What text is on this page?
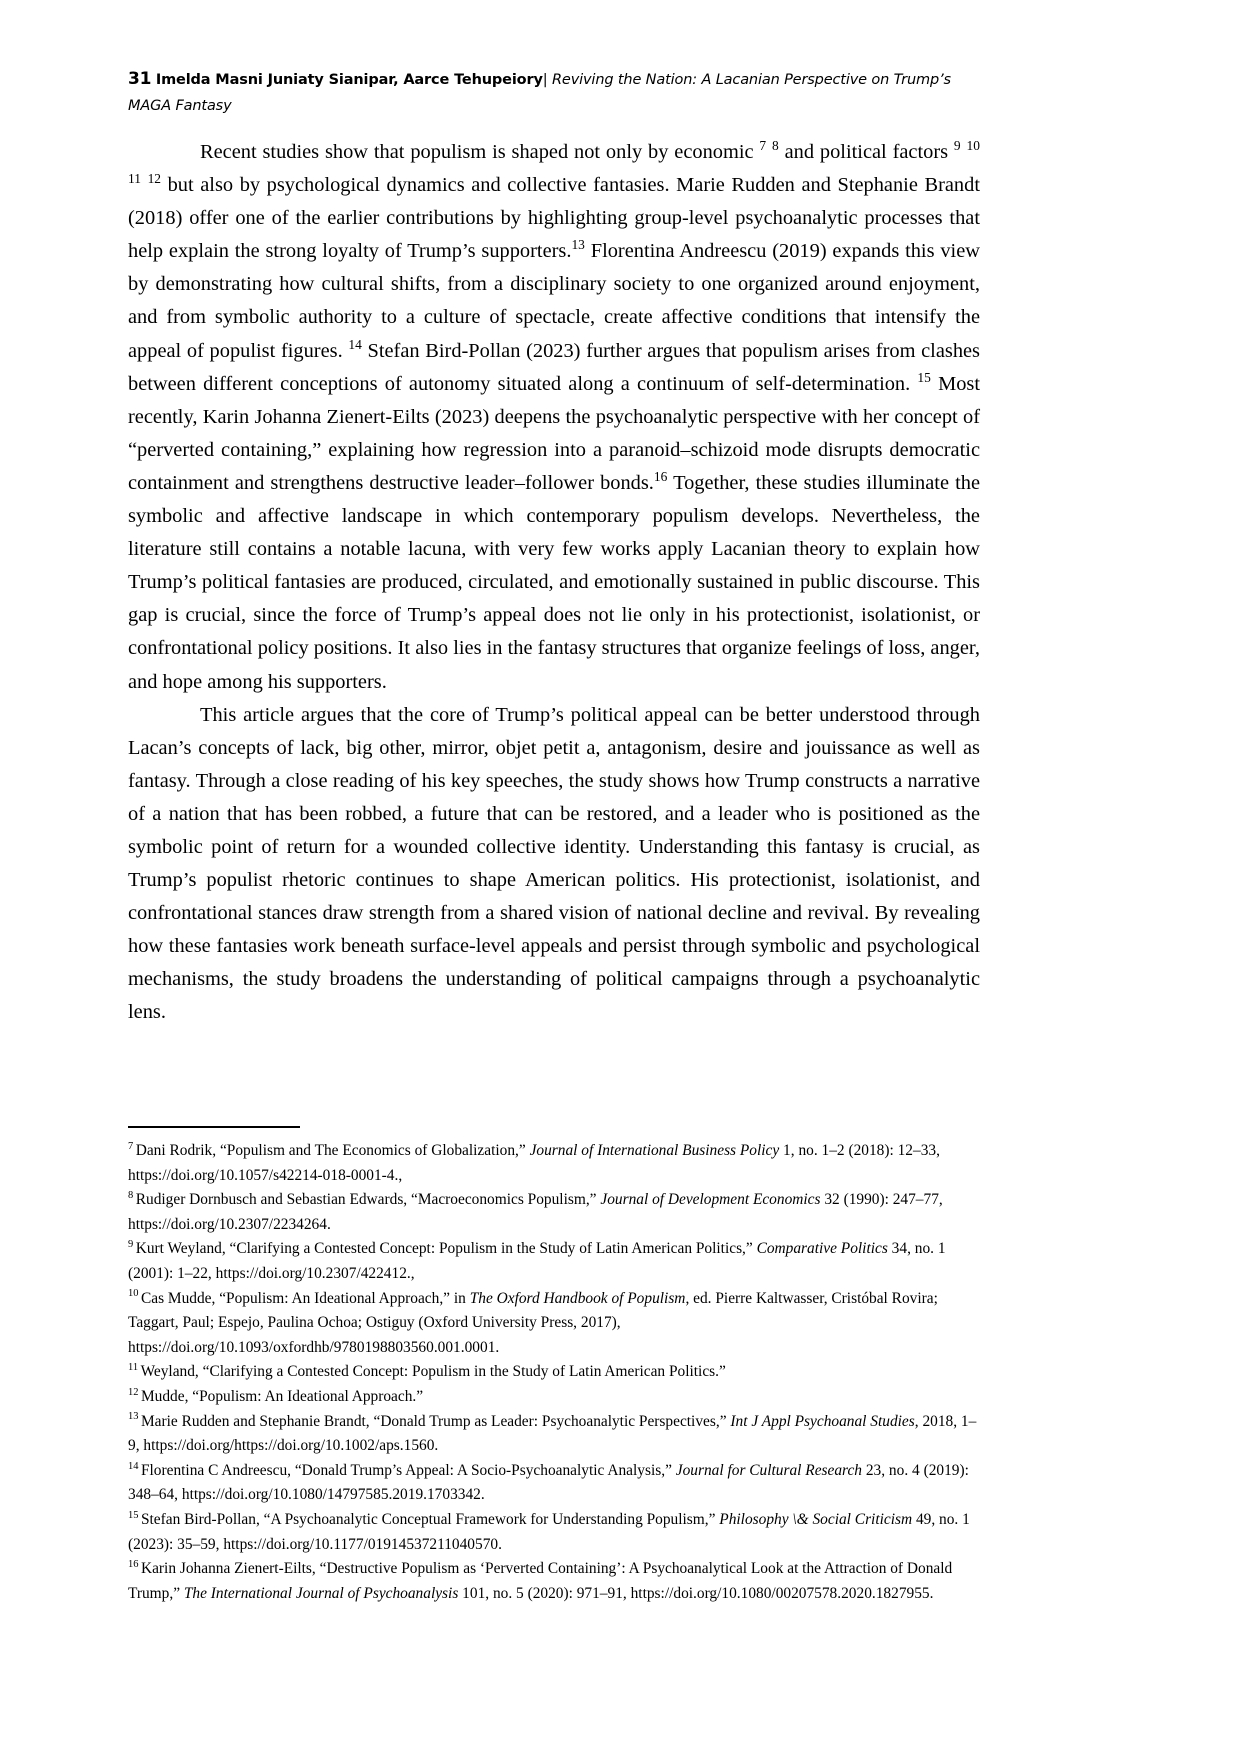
31 Imelda Masni Juniaty Sianipar, Aarce Tehupeiory| Reviving the Nation: A Lacanian Perspective on Trump’s MAGA Fantasy

Recent studies show that populism is shaped not only by economic $^7$ $^8$ and political factors $^9$ $^{10}$ $^{11}$ $^{12}$ but also by psychological dynamics and collective fantasies. Marie Rudden and Stephanie Brandt (2018) offer one of the earlier contributions by highlighting group-level psychoanalytic processes that help explain the strong loyalty of Trump’s supporters.$^{13}$ Florentina Andreescu (2019) expands this view by demonstrating how cultural shifts, from a disciplinary society to one organized around enjoyment, and from symbolic authority to a culture of spectacle, create affective conditions that intensify the appeal of populist figures. $^{14}$ Stefan Bird-Pollan (2023) further argues that populism arises from clashes between different conceptions of autonomy situated along a continuum of self-determination. $^{15}$ Most recently, Karin Johanna Zienert-Eilts (2023) deepens the psychoanalytic perspective with her concept of “perverted containing,” explaining how regression into a paranoid–schizoid mode disrupts democratic containment and strengthens destructive leader–follower bonds.$^{16}$ Together, these studies illuminate the symbolic and affective landscape in which contemporary populism develops. Nevertheless, the literature still contains a notable lacuna, with very few works apply Lacanian theory to explain how Trump’s political fantasies are produced, circulated, and emotionally sustained in public discourse. This gap is crucial, since the force of Trump’s appeal does not lie only in his protectionist, isolationist, or confrontational policy positions. It also lies in the fantasy structures that organize feelings of loss, anger, and hope among his supporters.

This article argues that the core of Trump’s political appeal can be better understood through Lacan’s concepts of lack, big other, mirror, objet petit a, antagonism, desire and jouissance as well as fantasy. Through a close reading of his key speeches, the study shows how Trump constructs a narrative of a nation that has been robbed, a future that can be restored, and a leader who is positioned as the symbolic point of return for a wounded collective identity. Understanding this fantasy is crucial, as Trump’s populist rhetoric continues to shape American politics. His protectionist, isolationist, and confrontational stances draw strength from a shared vision of national decline and revival. By revealing how these fantasies work beneath surface-level appeals and persist through symbolic and psychological mechanisms, the study broadens the understanding of political campaigns through a psychoanalytic lens.

$^7$ Dani Rodrik, “Populism and The Economics of Globalization,” Journal of International Business Policy 1, no. 1–2 (2018): 12–33, https://doi.org/10.1057/s42214-018-0001-4.,

$^8$ Rudiger Dornbusch and Sebastian Edwards, “Macroeconomics Populism,” Journal of Development Economics 32 (1990): 247–77, https://doi.org/10.2307/2234264.

$^9$ Kurt Weyland, “Clarifying a Contested Concept: Populism in the Study of Latin American Politics,” Comparative Politics 34, no. 1 (2001): 1–22, https://doi.org/10.2307/422412.,

$^{10}$ Cas Mudde, “Populism: An Ideational Approach,” in The Oxford Handbook of Populism, ed. Pierre Kaltwasser, Cristóbal Rovira; Taggart, Paul; Espejo, Paulina Ochoa; Ostiguy (Oxford University Press, 2017), https://doi.org/10.1093/oxfordhb/9780198803560.001.0001.

$^{11}$ Weyland, “Clarifying a Contested Concept: Populism in the Study of Latin American Politics.”

$^{12}$ Mudde, “Populism: An Ideational Approach.”

$^{13}$ Marie Rudden and Stephanie Brandt, “Donald Trump as Leader: Psychoanalytic Perspectives,” Int J Appl Psychoanal Studies, 2018, 1–9, https://doi.org/https://doi.org/10.1002/aps.1560.

$^{14}$ Florentina C Andreescu, “Donald Trump’s Appeal: A Socio-Psychoanalytic Analysis,” Journal for Cultural Research 23, no. 4 (2019): 348–64, https://doi.org/10.1080/14797585.2019.1703342.

$^{15}$ Stefan Bird-Pollan, “A Psychoanalytic Conceptual Framework for Understanding Populism,” Philosophy \& Social Criticism 49, no. 1 (2023): 35–59, https://doi.org/10.1177/01914537211040570.

$^{16}$ Karin Johanna Zienert-Eilts, “Destructive Populism as ‘Perverted Containing’: A Psychoanalytical Look at the Attraction of Donald Trump,” The International Journal of Psychoanalysis 101, no. 5 (2020): 971–91, https://doi.org/10.1080/00207578.2020.1827955.
